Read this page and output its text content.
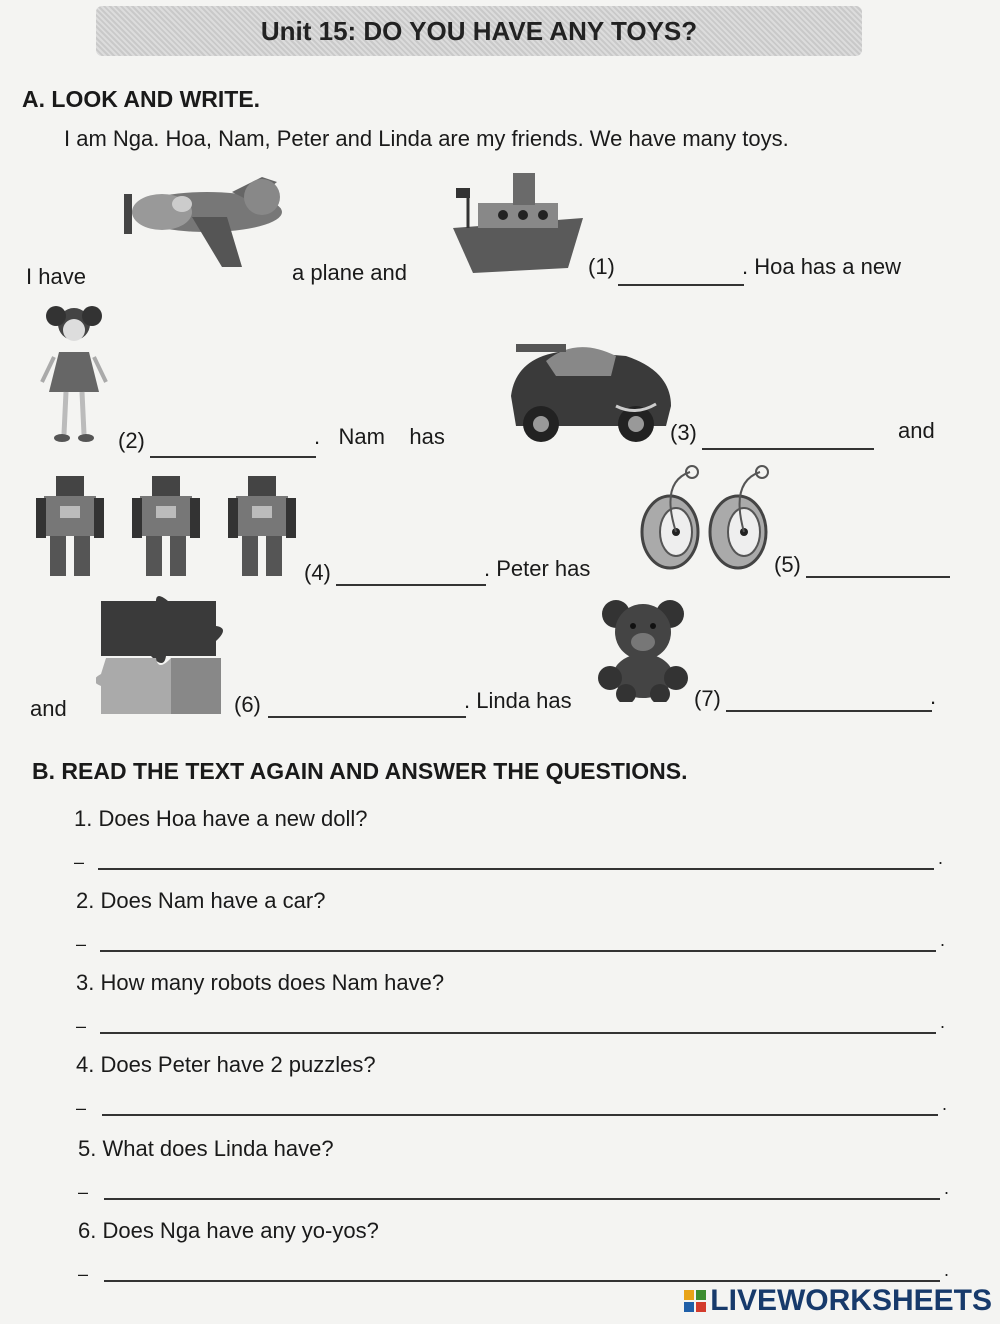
Unit 15: DO YOU HAVE ANY TOYS?
A. LOOK AND WRITE.
I am Nga. Hoa, Nam, Peter and Linda are my friends. We have many toys.
I have	a plane and	(1)	. Hoa has a new
(2)	.   Nam    has	(3)	and
(4)	. Peter has	(5)
and	(6)	. Linda has	(7)	.
B. READ THE TEXT AGAIN AND ANSWER THE QUESTIONS.
1. Does Hoa have a new doll?
–	.
2. Does Nam have a car?
–	.
3. How many robots does Nam have?
–	.
4. Does Peter have 2 puzzles?
–	.
5. What does Linda have?
–	.
6. Does Nga have any yo-yos?
–	.
LIVEWORKSHEETS
